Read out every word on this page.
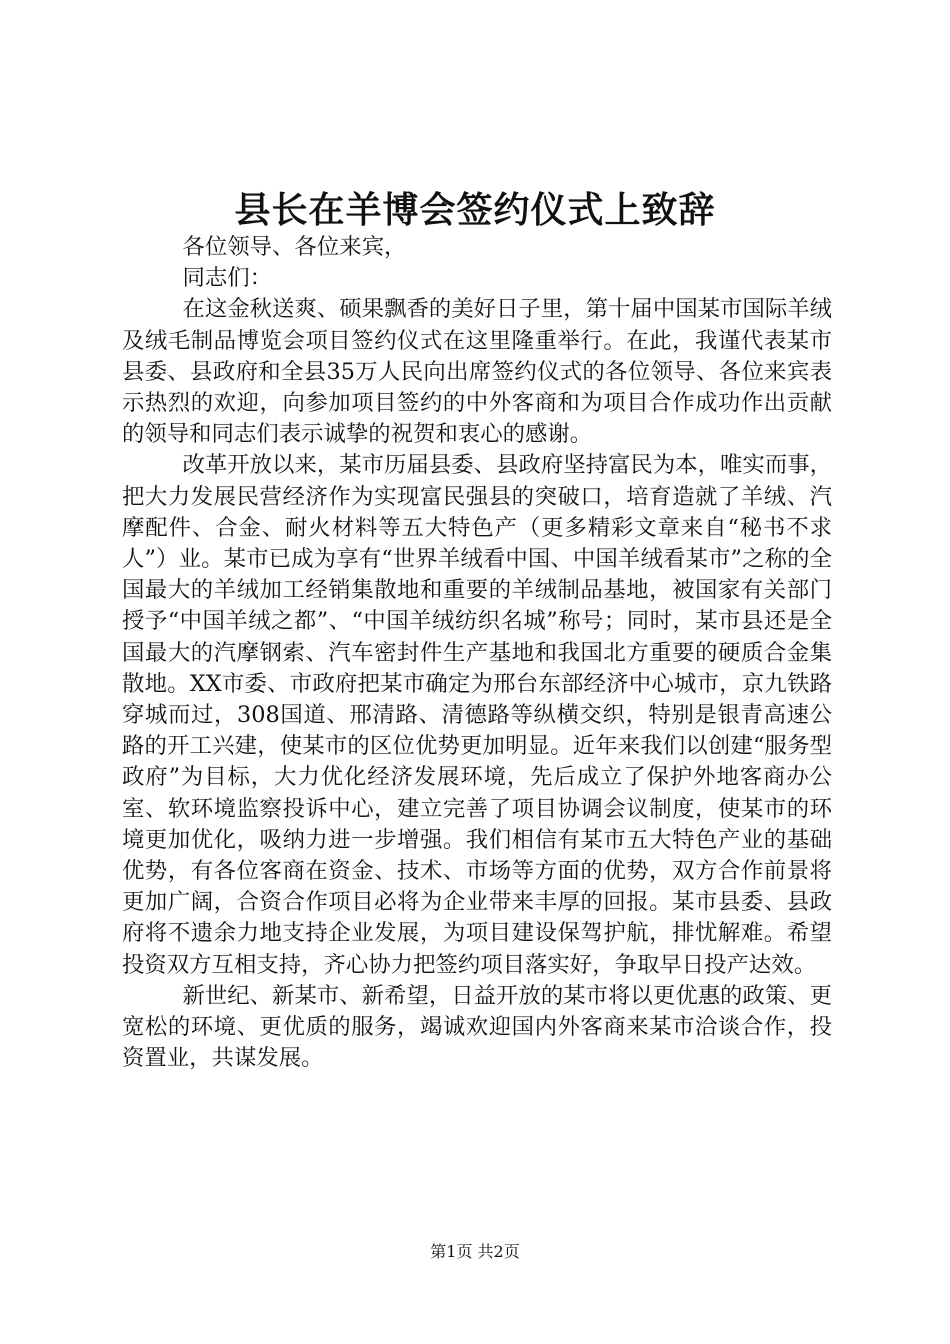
县长在羊博会签约仪式上致辞

各位领导、各位来宾，

同志们：

在这金秋送爽、硕果飘香的美好日子里，第十届中国某市国际羊绒及绒毛制品博览会项目签约仪式在这里隆重举行。在此，我谨代表某市县委、县政府和全县35万人民向出席签约仪式的各位领导、各位来宾表示热烈的欢迎，向参加项目签约的中外客商和为项目合作成功作出贡献的领导和同志们表示诚挚的祝贺和衷心的感谢。

改革开放以来，某市历届县委、县政府坚持富民为本，唯实而事，把大力发展民营经济作为实现富民强县的突破口，培育造就了羊绒、汽摩配件、合金、耐火材料等五大特色产（更多精彩文章来自“秘书不求人”）业。某市已成为享有“世界羊绒看中国、中国羊绒看某市”之称的全国最大的羊绒加工经销集散地和重要的羊绒制品基地，被国家有关部门授予“中国羊绒之都”、“中国羊绒纺织名城”称号；同时，某市县还是全国最大的汽摩钢索、汽车密封件生产基地和我国北方重要的硬质合金集散地。XX市委、市政府把某市确定为邢台东部经济中心城市，京九铁路穿城而过，308国道、邢清路、清德路等纵横交织，特别是银青高速公路的开工兴建，使某市的区位优势更加明显。近年来我们以创建“服务型政府”为目标，大力优化经济发展环境，先后成立了保护外地客商办公室、软环境监察投诉中心，建立完善了项目协调会议制度，使某市的环境更加优化，吸纳力进一步增强。我们相信有某市五大特色产业的基础优势，有各位客商在资金、技术、市场等方面的优势，双方合作前景将更加广阔，合资合作项目必将为企业带来丰厚的回报。某市县委、县政府将不遗余力地支持企业发展，为项目建设保驾护航，排忧解难。希望投资双方互相支持，齐心协力把签约项目落实好，争取早日投产达效。

新世纪、新某市、新希望，日益开放的某市将以更优惠的政策、更宽松的环境、更优质的服务，竭诚欢迎国内外客商来某市洽谈合作，投资置业，共谋发展。

第1页 共2页
